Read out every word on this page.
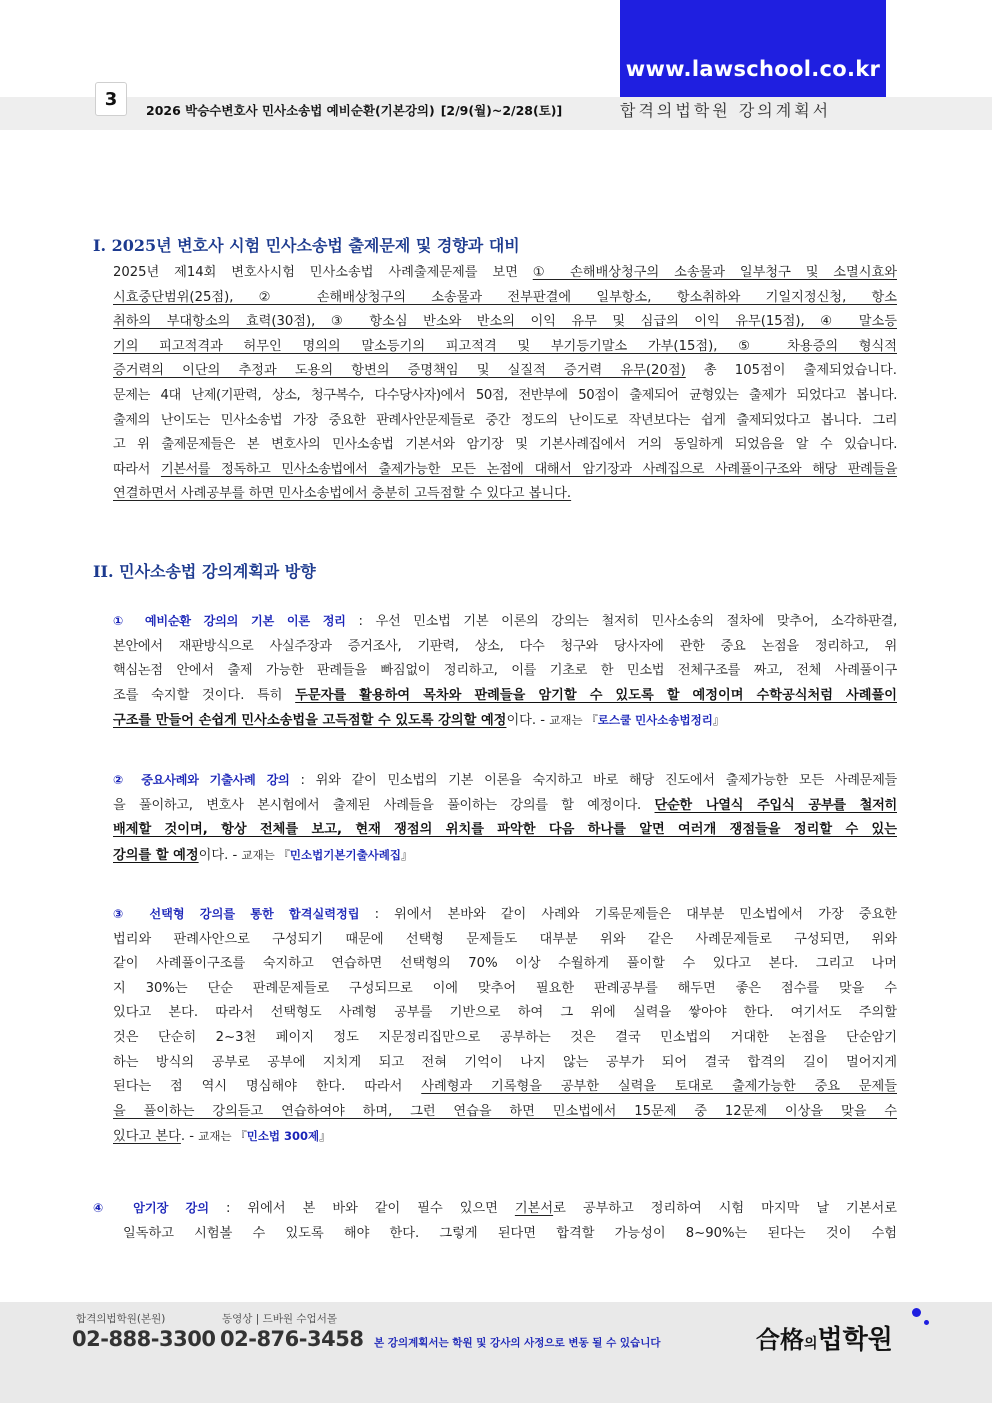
www.lawschool.co.kr
3
2026 박승수변호사 민사소송법 예비순환(기본강의) [2/9(월)~2/28(토)]	합격의법학원 강의계획서
I. 2025년 변호사 시험 민사소송법 출제문제 및 경향과 대비
2025년 제14회 변호사시험 민사소송법 사례출제문제를 보면 ① 손해배상청구의 소송물과 일부청구 및 소멸시효와
시효중단범위(25점), ② 손해배상청구의 소송물과 전부판결에 일부항소, 항소취하와 기일지정신청, 항소
취하의 부대항소의 효력(30점), ③ 항소심 반소와 반소의 이익 유무 및 심급의 이익 유무(15점), ④ 말소등
기의 피고적격과 허무인 명의의 말소등기의 피고적격 및 부기등기말소 가부(15점), ⑤ 차용증의 형식적
증거력의 이단의 추정과 도용의 항변의 증명책임 및 실질적 증거력 유무(20점) 총 105점이 출제되었습니다.
문제는 4대 난제(기판력, 상소, 청구복수, 다수당사자)에서 50점, 전반부에 50점이 출제되어 균형있는 출제가 되었다고 봅니다.
출제의 난이도는 민사소송법 가장 중요한 판례사안문제들로 중간 정도의 난이도로 작년보다는 쉽게 출제되었다고 봅니다. 그리
고 위 출제문제들은 본 변호사의 민사소송법 기본서와 암기장 및 기본사례집에서 거의 동일하게 되었음을 알 수 있습니다.
따라서 기본서를 정독하고 민사소송법에서 출제가능한 모든 논점에 대해서 암기장과 사례집으로 사례풀이구조와 해당 판례들을
연결하면서 사례공부를 하면 민사소송법에서 충분히 고득점할 수 있다고 봅니다.
II. 민사소송법 강의계획과 방향
① 예비순환 강의의 기본 이론 정리 : 우선 민소법 기본 이론의 강의는 철저히 민사소송의 절차에 맞추어, 소각하판결,
본안에서 재판방식으로 사실주장과 증거조사, 기판력, 상소, 다수 청구와 당사자에 관한 중요 논점을 정리하고, 위
핵심논점 안에서 출제 가능한 판례들을 빠짐없이 정리하고, 이를 기초로 한 민소법 전체구조를 짜고, 전체 사례풀이구
조를 숙지할 것이다. 특히 두문자를 활용하여 목차와 판례들을 암기할 수 있도록 할 예정이며 수학공식처럼 사례풀이
구조를 만들어 손쉽게 민사소송법을 고득점할 수 있도록 강의할 예정이다. - 교재는 『로스쿨 민사소송법정리』
② 중요사례와 기출사례 강의 : 위와 같이 민소법의 기본 이론을 숙지하고 바로 해당 진도에서 출제가능한 모든 사례문제들
을 풀이하고, 변호사 본시험에서 출제된 사례들을 풀이하는 강의를 할 예정이다. 단순한 나열식 주입식 공부를 철저히
배제할 것이며, 항상 전체를 보고, 현재 쟁점의 위치를 파악한 다음 하나를 알면 여러개 쟁점들을 정리할 수 있는
강의를 할 예정이다. - 교재는 『민소법기본기출사례집』
③ 선택형 강의를 통한 합격실력정립 : 위에서 본바와 같이 사례와 기록문제들은 대부분 민소법에서 가장 중요한
법리와 판례사안으로 구성되기 때문에 선택형 문제들도 대부분 위와 같은 사례문제들로 구성되면, 위와
같이 사례풀이구조를 숙지하고 연습하면 선택형의 70% 이상 수월하게 풀이할 수 있다고 본다. 그리고 나머
지 30%는 단순 판례문제들로 구성되므로 이에 맞추어 필요한 판례공부를 해두면 좋은 점수를 맞을 수
있다고 본다. 따라서 선택형도 사례형 공부를 기반으로 하여 그 위에 실력을 쌓아야 한다. 여기서도 주의할
것은 단순히 2~3천 페이지 정도 지문정리집만으로 공부하는 것은 결국 민소법의 거대한 논점을 단순암기
하는 방식의 공부로 공부에 지치게 되고 전혀 기억이 나지 않는 공부가 되어 결국 합격의 길이 멀어지게
된다는 점 역시 명심해야 한다. 따라서 사례형과 기록형을 공부한 실력을 토대로 출제가능한 중요 문제들
을 풀이하는 강의듣고 연습하여야 하며, 그런 연습을 하면 민소법에서 15문제 중 12문제 이상을 맞을 수
있다고 본다. - 교재는 『민소법 300제』
④ 암기장 강의 : 위에서 본 바와 같이 필수 있으면 기본서로 공부하고 정리하여 시험 마지막 날 기본서로
일독하고 시험볼 수 있도록 해야 한다. 그렇게 된다면 합격할 가능성이 8~90%는 된다는 것이 수험
합격의법학원(본원)
02-888-3300
동영상 | 드바원 수업서몰
02-876-3458 본 강의계획서는 학원 및 강사의 사정으로 변동 될 수 있습니다	合格의법학원
